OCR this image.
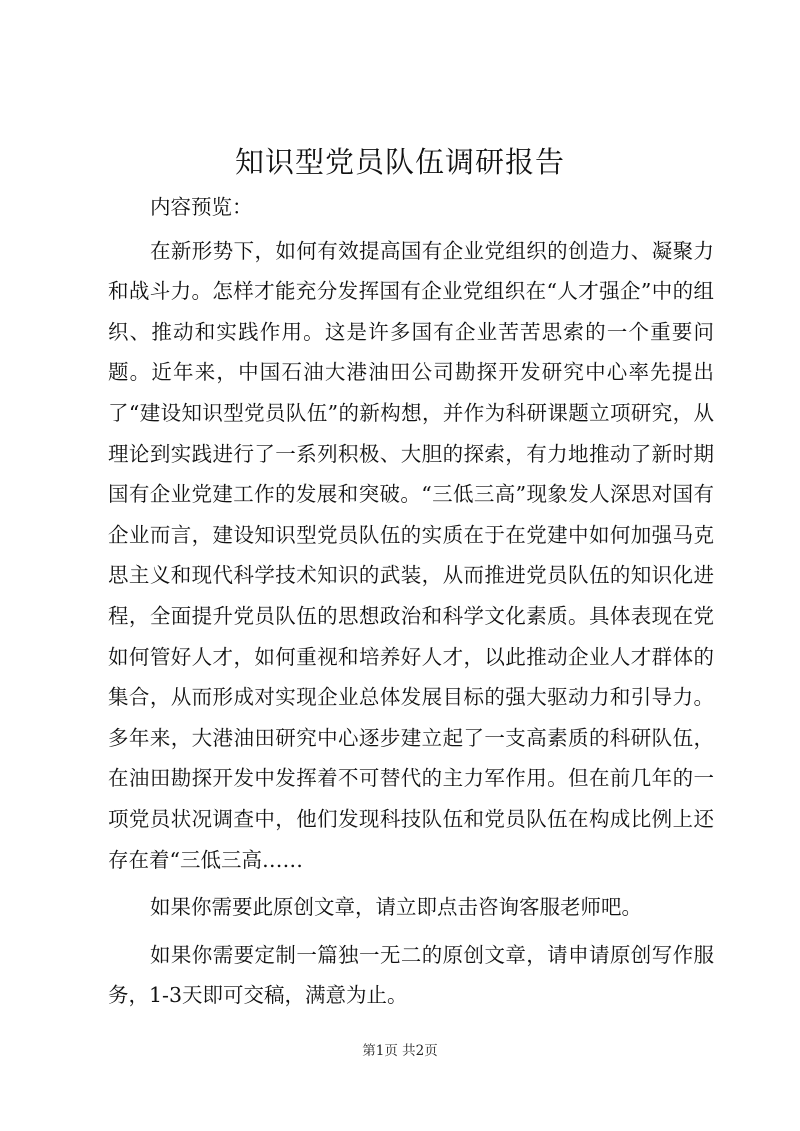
知识型党员队伍调研报告

内容预览：

在新形势下，如何有效提高国有企业党组织的创造力、凝聚力和战斗力。怎样才能充分发挥国有企业党组织在“人才强企”中的组织、推动和实践作用。这是许多国有企业苦苦思索的一个重要问题。近年来，中国石油大港油田公司勘探开发研究中心率先提出了“建设知识型党员队伍”的新构想，并作为科研课题立项研究，从理论到实践进行了一系列积极、大胆的探索，有力地推动了新时期国有企业党建工作的发展和突破。“三低三高”现象发人深思对国有企业而言，建设知识型党员队伍的实质在于在党建中如何加强马克思主义和现代科学技术知识的武装，从而推进党员队伍的知识化进程，全面提升党员队伍的思想政治和科学文化素质。具体表现在党如何管好人才，如何重视和培养好人才，以此推动企业人才群体的集合，从而形成对实现企业总体发展目标的强大驱动力和引导力。多年来，大港油田研究中心逐步建立起了一支高素质的科研队伍，在油田勘探开发中发挥着不可替代的主力军作用。但在前几年的一项党员状况调查中，他们发现科技队伍和党员队伍在构成比例上还存在着“三低三高……

如果你需要此原创文章，请立即点击咨询客服老师吧。

如果你需要定制一篇独一无二的原创文章，请申请原创写作服务，1-3天即可交稿，满意为止。

第1页 共2页
